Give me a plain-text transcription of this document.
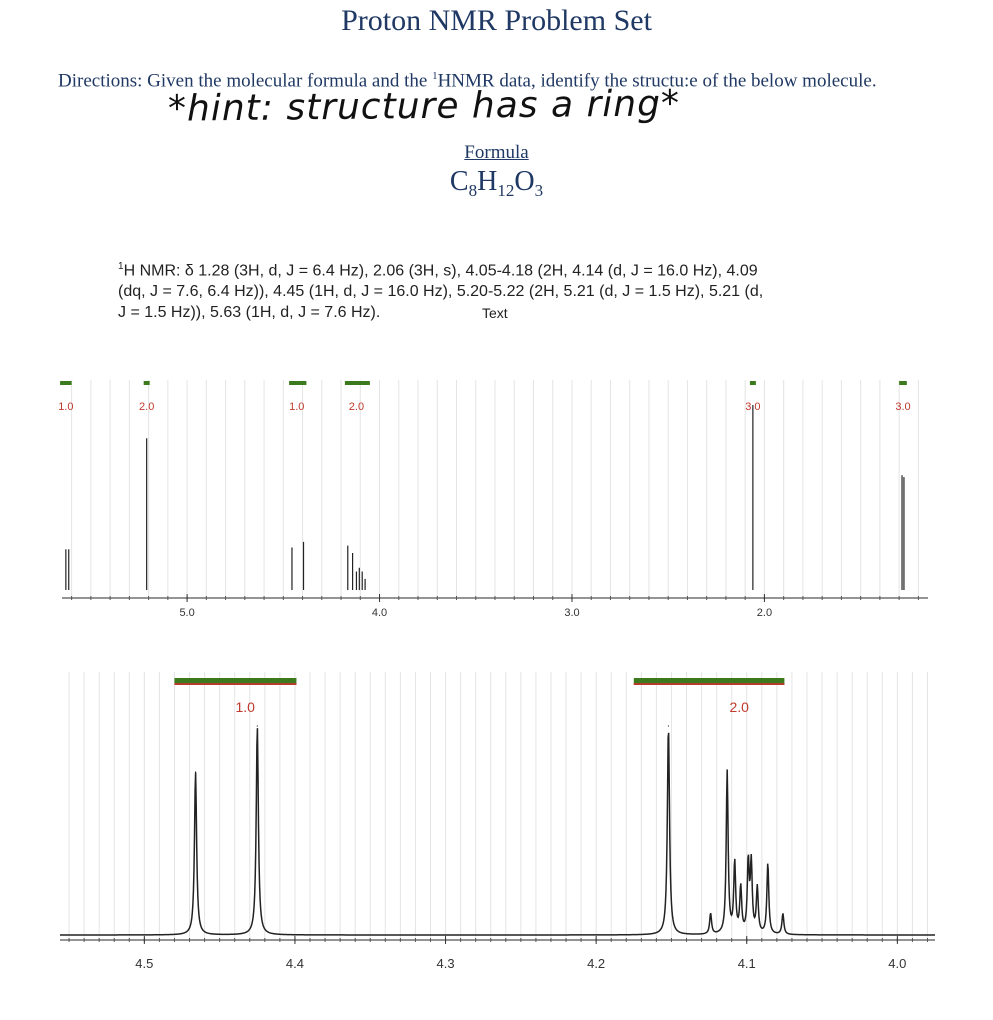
Proton NMR Problem Set
Directions: Given the molecular formula and the $^1$HNMR data, identify the structu:e of the below molecule.
*hint: structure has a ring*
Formula
$C_8H_{12}O_3$
$^1$H NMR: δ 1.28 (3H, d, J = 6.4 Hz), 2.06 (3H, s), 4.05-4.18 (2H, 4.14 (d, J = 16.0 Hz), 4.09
(dq, J = 7.6, 6.4 Hz)), 4.45 (1H, d, J = 16.0 Hz), 5.20-5.22 (2H, 5.21 (d, J = 1.5 Hz), 5.21 (d,
J = 1.5 Hz)), 5.63 (1H, d, J = 7.6 Hz).	Text
5.0	4.0	3.0	2.0
1.0	2.0	1.0	2.0	3.0	3.0
4.5	4.4	4.3	4.2	4.1	4.0
1.0	2.0
